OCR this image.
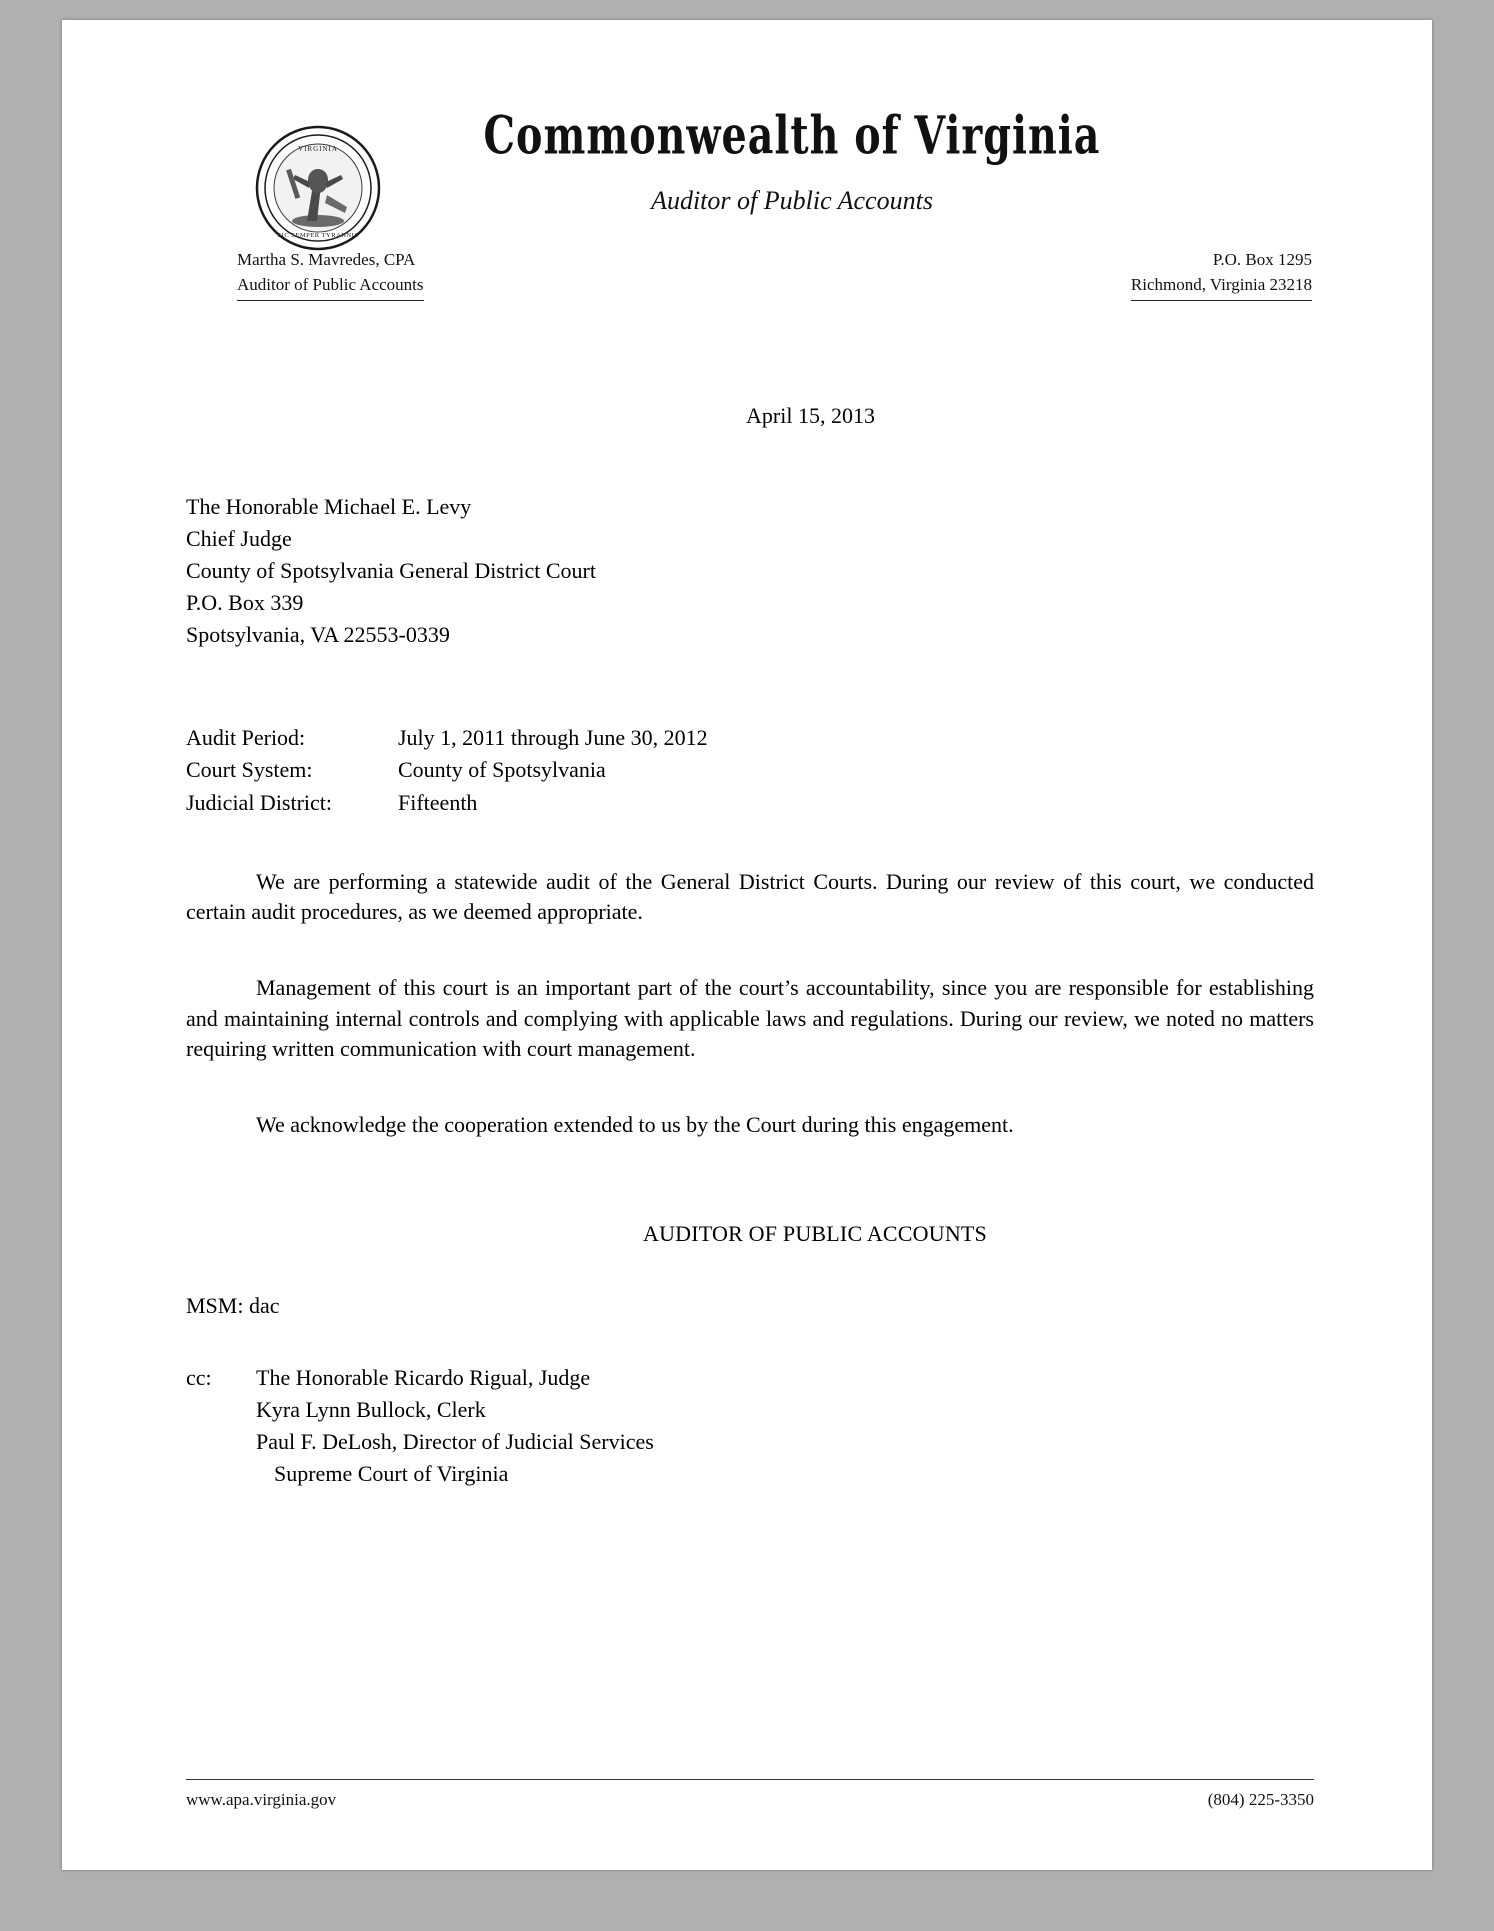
VIRGINIA
SIC SEMPER TYRANNIS
Commonwealth of Virginia
Auditor of Public Accounts
Martha S. Mavredes, CPA
Auditor of Public Accounts
P.O. Box 1295
Richmond, Virginia 23218
April 15, 2013
The Honorable Michael E. Levy
Chief Judge
County of Spotsylvania General District Court
P.O. Box 339
Spotsylvania, VA 22553-0339
Audit Period:	July 1, 2011 through June 30, 2012
Court System:	County of Spotsylvania
Judicial District:	Fifteenth

We are performing a statewide audit of the General District Courts. During our review of this court, we conducted certain audit procedures, as we deemed appropriate.

Management of this court is an important part of the court’s accountability, since you are responsible for establishing and maintaining internal controls and complying with applicable laws and regulations. During our review, we noted no matters requiring written communication with court management.

We acknowledge the cooperation extended to us by the Court during this engagement.

AUDITOR OF PUBLIC ACCOUNTS
MSM: dac
cc:	The Honorable Ricardo Rigual, Judge
Kyra Lynn Bullock, Clerk
Paul F. DeLosh, Director of Judicial Services
Supreme Court of Virginia
www.apa.virginia.gov	(804) 225-3350
